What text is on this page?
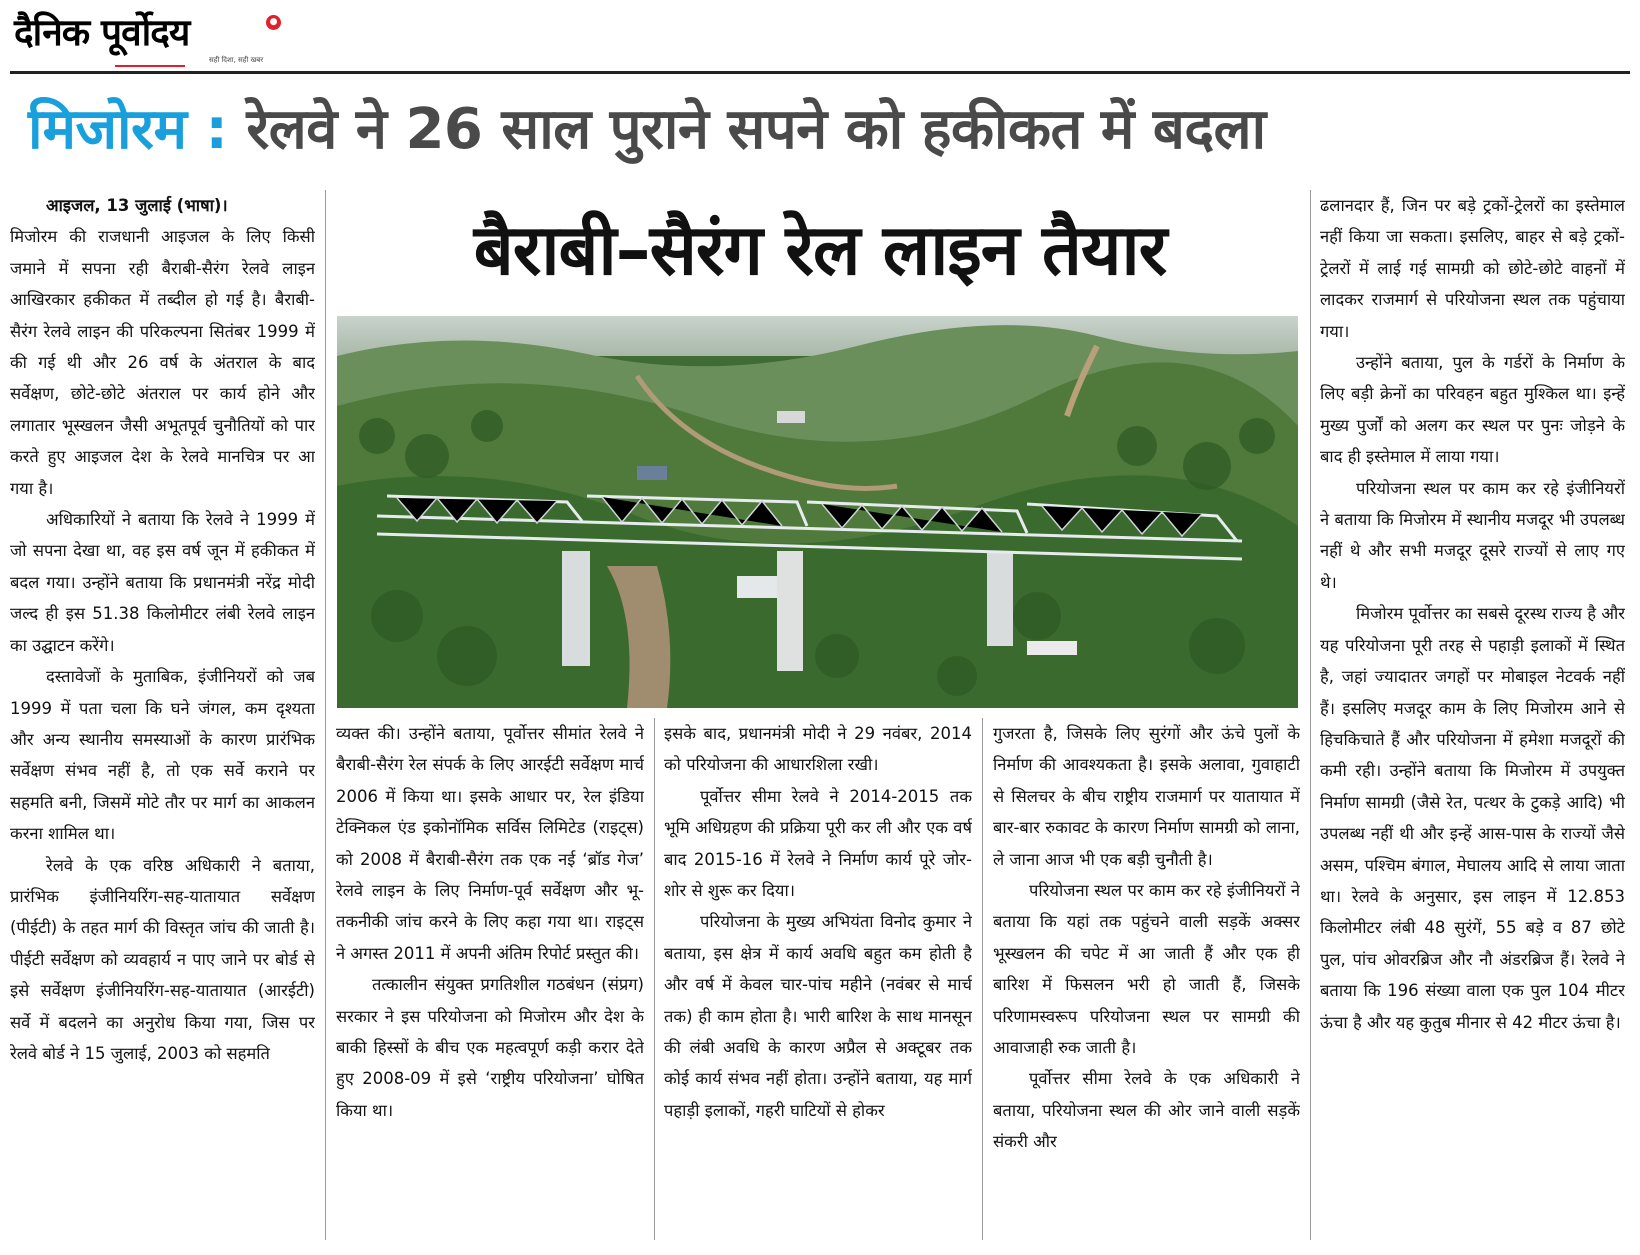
दैनिक पूर्वोदय	●
सही दिशा, सही खबर
मिजोरम : रेलवे ने 26 साल पुराने सपने को हकीकत में बदला
बैराबी–सैरंग रेल लाइन तैयार

आइजल, 13 जुलाई (भाषा)।

मिजोरम की राजधानी आइजल के लिए किसी जमाने में सपना रही बैराबी-सैरंग रेलवे लाइन आखिरकार हकीकत में तब्दील हो गई है। बैराबी-सैरंग रेलवे लाइन की परिकल्पना सितंबर 1999 में की गई थी और 26 वर्ष के अंतराल के बाद सर्वेक्षण, छोटे-छोटे अंतराल पर कार्य होने और लगातार भूस्खलन जैसी अभूतपूर्व चुनौतियों को पार करते हुए आइजल देश के रेलवे मानचित्र पर आ गया है।

अधिकारियों ने बताया कि रेलवे ने 1999 में जो सपना देखा था, वह इस वर्ष जून में हकीकत में बदल गया। उन्होंने बताया कि प्रधानमंत्री नरेंद्र मोदी जल्द ही इस 51.38 किलोमीटर लंबी रेलवे लाइन का उद्घाटन करेंगे।

दस्तावेजों के मुताबिक, इंजीनियरों को जब 1999 में पता चला कि घने जंगल, कम दृश्यता और अन्य स्थानीय समस्याओं के कारण प्रारंभिक सर्वेक्षण संभव नहीं है, तो एक सर्वे कराने पर सहमति बनी, जिसमें मोटे तौर पर मार्ग का आकलन करना शामिल था।

रेलवे के एक वरिष्ठ अधिकारी ने बताया, प्रारंभिक इंजीनियरिंग-सह-यातायात सर्वेक्षण (पीईटी) के तहत मार्ग की विस्तृत जांच की जाती है। पीईटी सर्वेक्षण को व्यवहार्य न पाए जाने पर बोर्ड से इसे सर्वेक्षण इंजीनियरिंग-सह-यातायात (आरईटी) सर्वे में बदलने का अनुरोध किया गया, जिस पर रेलवे बोर्ड ने 15 जुलाई, 2003 को सहमति

व्यक्त की। उन्होंने बताया, पूर्वोत्तर सीमांत रेलवे ने बैराबी-सैरंग रेल संपर्क के लिए आरईटी सर्वेक्षण मार्च 2006 में किया था। इसके आधार पर, रेल इंडिया टेक्निकल एंड इकोनॉमिक सर्विस लिमिटेड (राइट्स) को 2008 में बैराबी-सैरंग तक एक नई ‘ब्रॉड गेज’ रेलवे लाइन के लिए निर्माण-पूर्व सर्वेक्षण और भू-तकनीकी जांच करने के लिए कहा गया था। राइट्स ने अगस्त 2011 में अपनी अंतिम रिपोर्ट प्रस्तुत की।

तत्कालीन संयुक्त प्रगतिशील गठबंधन (संप्रग) सरकार ने इस परियोजना को मिजोरम और देश के बाकी हिस्सों के बीच एक महत्वपूर्ण कड़ी करार देते हुए 2008-09 में इसे ‘राष्ट्रीय परियोजना’ घोषित किया था।

इसके बाद, प्रधानमंत्री मोदी ने 29 नवंबर, 2014 को परियोजना की आधारशिला रखी।

पूर्वोत्तर सीमा रेलवे ने 2014-2015 तक भूमि अधिग्रहण की प्रक्रिया पूरी कर ली और एक वर्ष बाद 2015-16 में रेलवे ने निर्माण कार्य पूरे जोर-शोर से शुरू कर दिया।

परियोजना के मुख्य अभियंता विनोद कुमार ने बताया, इस क्षेत्र में कार्य अवधि बहुत कम होती है और वर्ष में केवल चार-पांच महीने (नवंबर से मार्च तक) ही काम होता है। भारी बारिश के साथ मानसून की लंबी अवधि के कारण अप्रैल से अक्टूबर तक कोई कार्य संभव नहीं होता। उन्होंने बताया, यह मार्ग पहाड़ी इलाकों, गहरी घाटियों से होकर

गुजरता है, जिसके लिए सुरंगों और ऊंचे पुलों के निर्माण की आवश्यकता है। इसके अलावा, गुवाहाटी से सिलचर के बीच राष्ट्रीय राजमार्ग पर यातायात में बार-बार रुकावट के कारण निर्माण सामग्री को लाना, ले जाना आज भी एक बड़ी चुनौती है।

परियोजना स्थल पर काम कर रहे इंजीनियरों ने बताया कि यहां तक पहुंचने वाली सड़कें अक्सर भूस्खलन की चपेट में आ जाती हैं और एक ही बारिश में फिसलन भरी हो जाती हैं, जिसके परिणामस्वरूप परियोजना स्थल पर सामग्री की आवाजाही रुक जाती है।

पूर्वोत्तर सीमा रेलवे के एक अधिकारी ने बताया, परियोजना स्थल की ओर जाने वाली सड़कें संकरी और

ढलानदार हैं, जिन पर बड़े ट्रकों-ट्रेलरों का इस्तेमाल नहीं किया जा सकता। इसलिए, बाहर से बड़े ट्रकों-ट्रेलरों में लाई गई सामग्री को छोटे-छोटे वाहनों में लादकर राजमार्ग से परियोजना स्थल तक पहुंचाया गया।

उन्होंने बताया, पुल के गर्डरों के निर्माण के लिए बड़ी क्रेनों का परिवहन बहुत मुश्किल था। इन्हें मुख्य पुर्जों को अलग कर स्थल पर पुनः जोड़ने के बाद ही इस्तेमाल में लाया गया।

परियोजना स्थल पर काम कर रहे इंजीनियरों ने बताया कि मिजोरम में स्थानीय मजदूर भी उपलब्ध नहीं थे और सभी मजदूर दूसरे राज्यों से लाए गए थे।

मिजोरम पूर्वोत्तर का सबसे दूरस्थ राज्य है और यह परियोजना पूरी तरह से पहाड़ी इलाकों में स्थित है, जहां ज्यादातर जगहों पर मोबाइल नेटवर्क नहीं हैं। इसलिए मजदूर काम के लिए मिजोरम आने से हिचकिचाते हैं और परियोजना में हमेशा मजदूरों की कमी रही। उन्होंने बताया कि मिजोरम में उपयुक्त निर्माण सामग्री (जैसे रेत, पत्थर के टुकड़े आदि) भी उपलब्ध नहीं थी और इन्हें आस-पास के राज्यों जैसे असम, पश्चिम बंगाल, मेघालय आदि से लाया जाता था। रेलवे के अनुसार, इस लाइन में 12.853 किलोमीटर लंबी 48 सुरंगें, 55 बड़े व 87 छोटे पुल, पांच ओवरब्रिज और नौ अंडरब्रिज हैं। रेलवे ने बताया कि 196 संख्या वाला एक पुल 104 मीटर ऊंचा है और यह कुतुब मीनार से 42 मीटर ऊंचा है।
